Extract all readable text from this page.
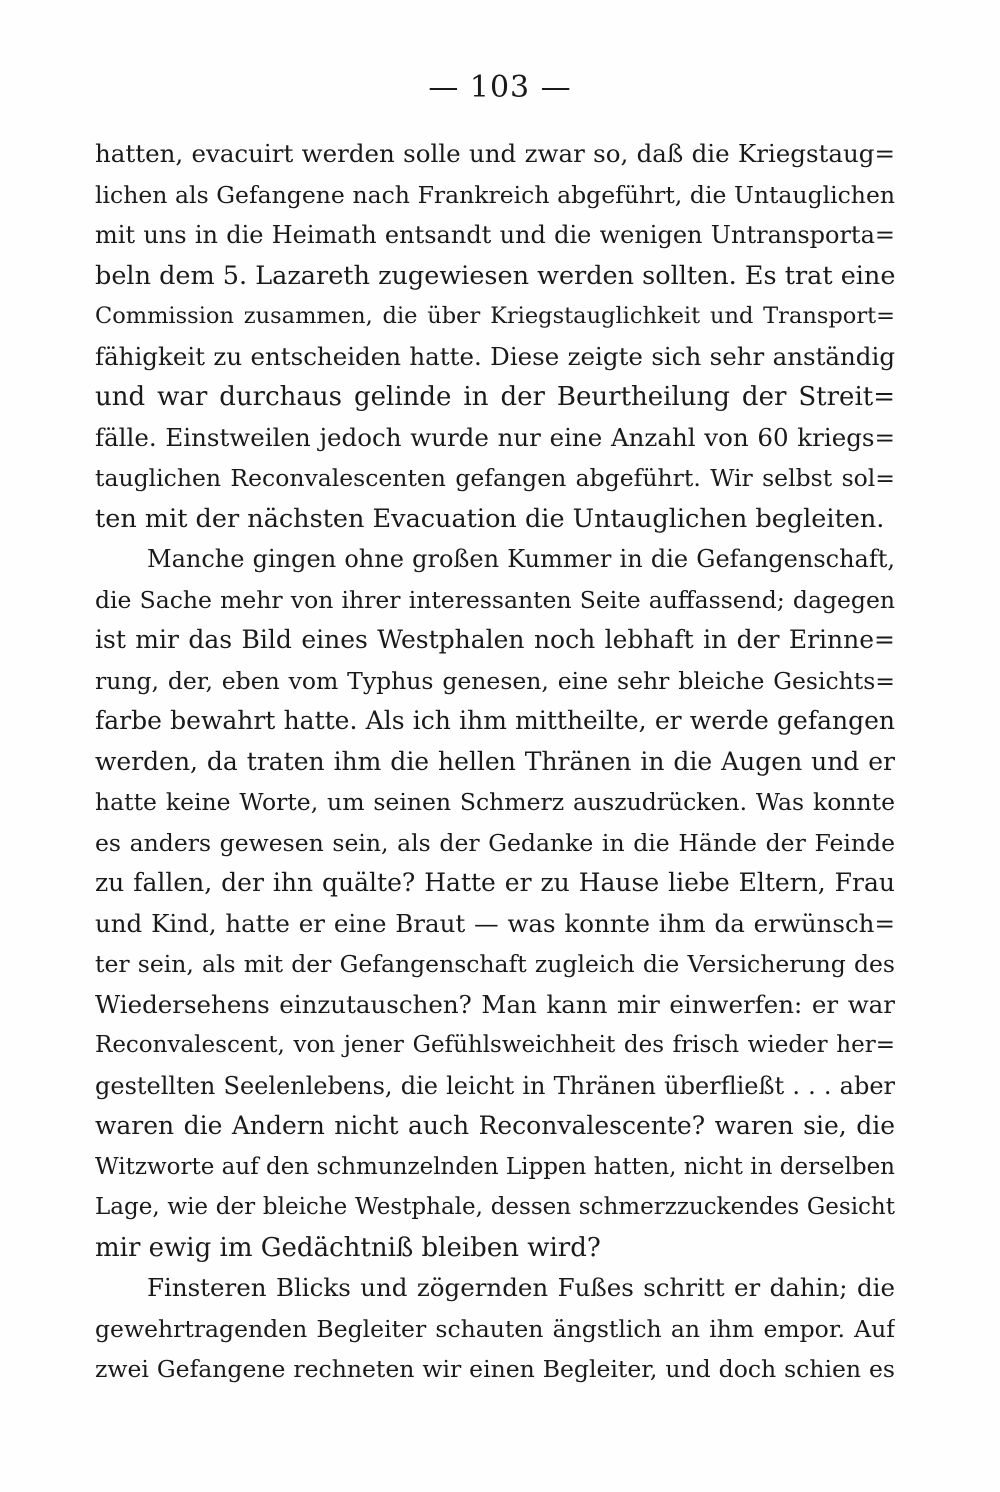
— 103 —
hatten, evacuirt werden solle und zwar so, daß die Kriegstaug=
lichen als Gefangene nach Frankreich abgeführt, die Untauglichen
mit uns in die Heimath entsandt und die wenigen Untransporta=
beln dem 5. Lazareth zugewiesen werden sollten. Es trat eine
Commission zusammen, die über Kriegstauglichkeit und Transport=
fähigkeit zu entscheiden hatte. Diese zeigte sich sehr anständig
und war durchaus gelinde in der Beurtheilung der Streit=
fälle. Einstweilen jedoch wurde nur eine Anzahl von 60 kriegs=
tauglichen Reconvalescenten gefangen abgeführt. Wir selbst sol=
ten mit der nächsten Evacuation die Untauglichen begleiten.
Manche gingen ohne großen Kummer in die Gefangenschaft,
die Sache mehr von ihrer interessanten Seite auffassend; dagegen
ist mir das Bild eines Westphalen noch lebhaft in der Erinne=
rung, der, eben vom Typhus genesen, eine sehr bleiche Gesichts=
farbe bewahrt hatte. Als ich ihm mittheilte, er werde gefangen
werden, da traten ihm die hellen Thränen in die Augen und er
hatte keine Worte, um seinen Schmerz auszudrücken. Was konnte
es anders gewesen sein, als der Gedanke in die Hände der Feinde
zu fallen, der ihn quälte? Hatte er zu Hause liebe Eltern, Frau
und Kind, hatte er eine Braut — was konnte ihm da erwünsch=
ter sein, als mit der Gefangenschaft zugleich die Versicherung des
Wiedersehens einzutauschen? Man kann mir einwerfen: er war
Reconvalescent, von jener Gefühlsweichheit des frisch wieder her=
gestellten Seelenlebens, die leicht in Thränen überfließt . . . aber
waren die Andern nicht auch Reconvalescente? waren sie, die
Witzworte auf den schmunzelnden Lippen hatten, nicht in derselben
Lage, wie der bleiche Westphale, dessen schmerzzuckendes Gesicht
mir ewig im Gedächtniß bleiben wird?
Finsteren Blicks und zögernden Fußes schritt er dahin; die
gewehrtragenden Begleiter schauten ängstlich an ihm empor. Auf
zwei Gefangene rechneten wir einen Begleiter, und doch schien es
